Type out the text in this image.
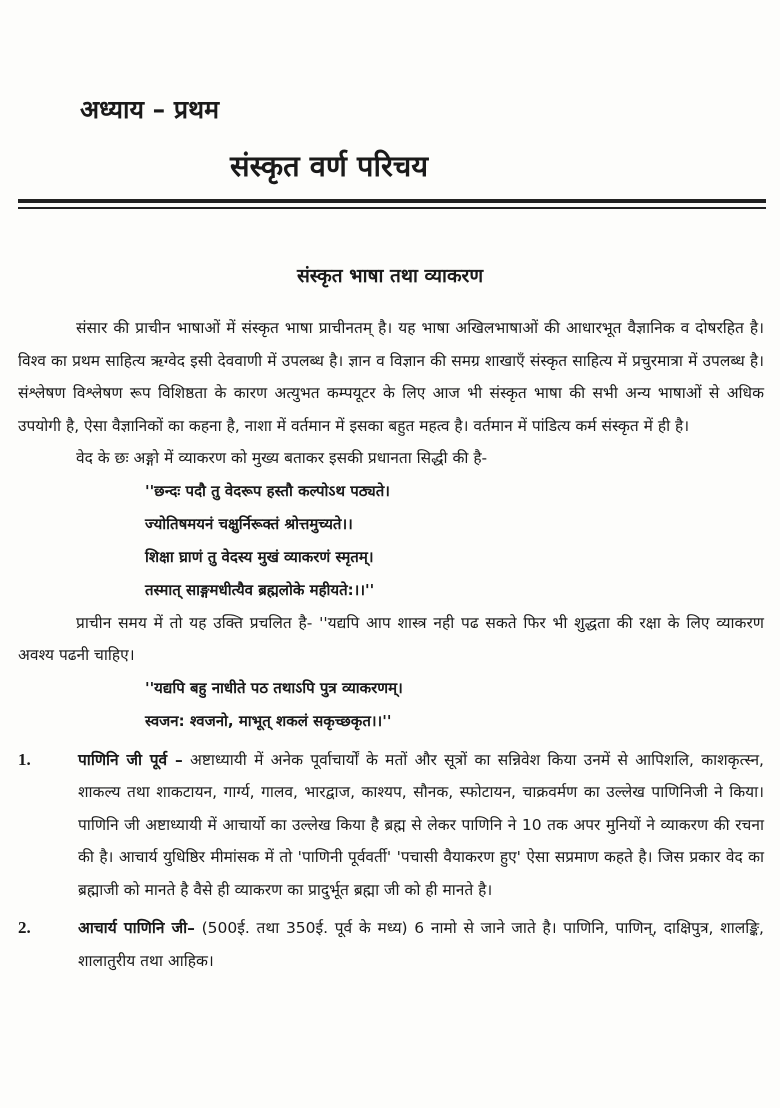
अध्याय – प्रथम
संस्कृत वर्ण परिचय
संस्कृत भाषा तथा व्याकरण

संसार की प्राचीन भाषाओं में संस्कृत भाषा प्राचीनतम् है। यह भाषा अखिलभाषाओं की आधारभूत वैज्ञानिक व दोषरहित है। विश्व का प्रथम साहित्य ऋग्वेद इसी देववाणी में उपलब्ध है। ज्ञान व विज्ञान की समग्र शाखाएँ संस्कृत साहित्य में प्रचुरमात्रा में उपलब्ध है। संश्लेषण विश्लेषण रूप विशिष्ठता के कारण अत्युभत कम्पयूटर के लिए आज भी संस्कृत भाषा की सभी अन्य भाषाओं से अधिक उपयोगी है, ऐसा वैज्ञानिकों का कहना है, नाशा में वर्तमान में इसका बहुत महत्व है। वर्तमान में पांडित्य कर्म संस्कृत में ही है।

वेद के छः अङ्गो में व्याकरण को मुख्य बताकर इसकी प्रधानता सिद्धी की है-

''छन्दः पदौ तु वेदरूप हस्तौ कल्पोऽथ पठ्यते।

ज्योतिषमयनं चक्षुर्निरूक्तं श्रोत्तमुच्यते।।

शिक्षा घ्राणं तु वेदस्य मुखं व्याकरणं स्मृतम्।

तस्मात् साङ्गमधीत्यैव ब्रह्मलोके महीयते:।।''

प्राचीन समय में तो यह उक्ति प्रचलित है- ''यद्यपि आप शास्त्र नही पढ सकते फिर भी शुद्धता की रक्षा के लिए व्याकरण अवश्य पढनी चाहिए।

''यद्यपि बहु नाधीते पठ तथाऽपि पुत्र व्याकरणम्।

स्वजन: श्वजनो, माभूत् शकलं सकृच्छकृत।।''

1.	पाणिनि जी पूर्व – अष्टाध्यायी में अनेक पूर्वाचार्यों के मतों और सूत्रों का सन्निवेश किया उनमें से आपिशलि, काशकृत्स्न, शाकल्य तथा शाकटायन, गार्ग्य, गालव, भारद्वाज, काश्यप, सौनक, स्फोटायन, चाक्रवर्मण का उल्लेख पाणिनिजी ने किया। पाणिनि जी अष्टाध्यायी में आचार्यो का उल्लेख किया है ब्रह्म से लेकर पाणिनि ने 10 तक अपर मुनियों ने व्याकरण की रचना की है। आचार्य युधिष्ठिर मीमांसक में तो 'पाणिनी पूर्ववर्ती' 'पचासी वैयाकरण हुए' ऐसा सप्रमाण कहते है। जिस प्रकार वेद का ब्रह्माजी को मानते है वैसे ही व्याकरण का प्रादुर्भूत ब्रह्मा जी को ही मानते है।
2.	आचार्य पाणिनि जी– (500ई. तथा 350ई. पूर्व के मध्य) 6 नामो से जाने जाते है। पाणिनि, पाणिन्, दाक्षिपुत्र, शालङ्कि, शालातुरीय तथा आहिक।
